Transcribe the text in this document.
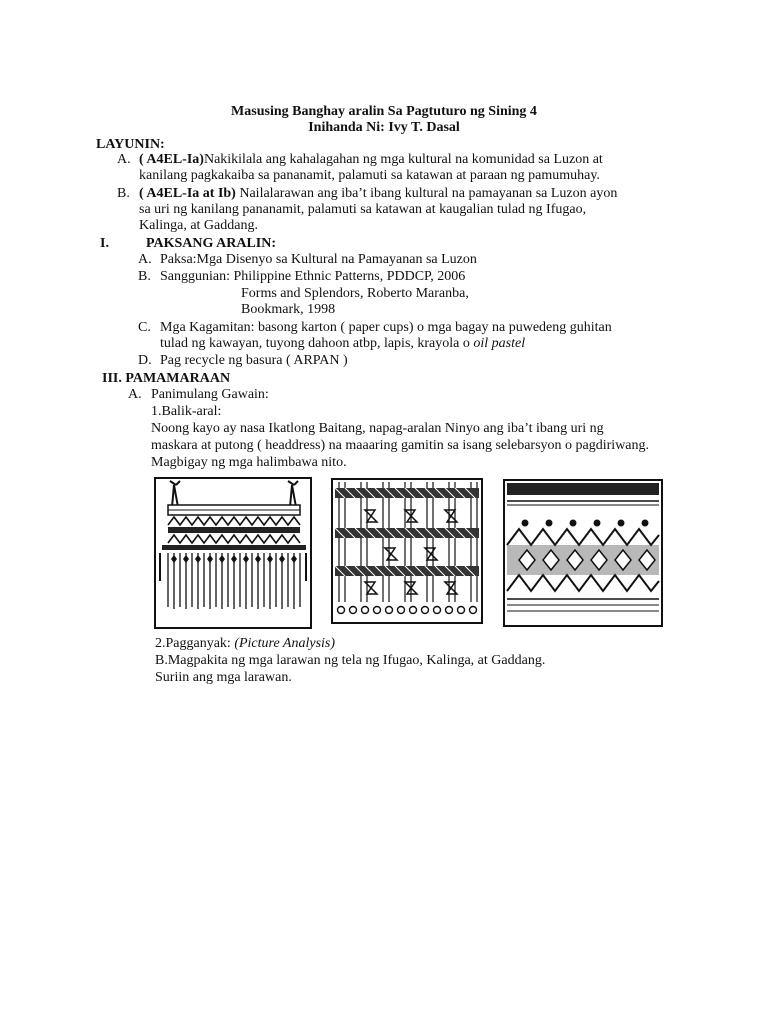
Masusing Banghay aralin Sa Pagtuturo ng Sining 4
Inihanda Ni: Ivy T. Dasal
LAYUNIN:
A. ( A4EL-Ia)Nakikilala ang kahalagahan ng mga kultural na komunidad sa Luzon at
kanilang pagkakaiba sa pananamit, palamuti sa katawan at paraan ng pamumuhay.
B. ( A4EL-Ia at Ib) Nailalarawan ang iba’t ibang kultural na pamayanan sa Luzon ayon
sa uri ng kanilang pananamit, palamuti sa katawan at kaugalian tulad ng Ifugao,
Kalinga, at Gaddang.
I.	PAKSANG ARALIN:
A. Paksa:Mga Disenyo sa Kultural na Pamayanan sa Luzon
B. Sanggunian: Philippine Ethnic Patterns, PDDCP, 2006
Forms and Splendors, Roberto Maranba,
Bookmark, 1998
C. Mga Kagamitan: basong karton ( paper cups) o mga bagay na puwedeng guhitan
tulad ng kawayan, tuyong dahoon atbp, lapis, krayola o oil pastel
D. Pag recycle ng basura ( ARPAN )
III. PAMAMARAAN
A. Panimulang Gawain:
1.Balik-aral:
Noong kayo ay nasa Ikatlong Baitang, napag-aralan Ninyo ang iba’t ibang uri ng
maskara at putong ( headdress) na maaaring gamitin sa isang selebarsyon o pagdiriwang.
Magbigay ng mga halimbawa nito.
2.Pagganyak: (Picture Analysis)
B.Magpakita ng mga larawan ng tela ng Ifugao, Kalinga, at Gaddang.
Suriin ang mga larawan.
